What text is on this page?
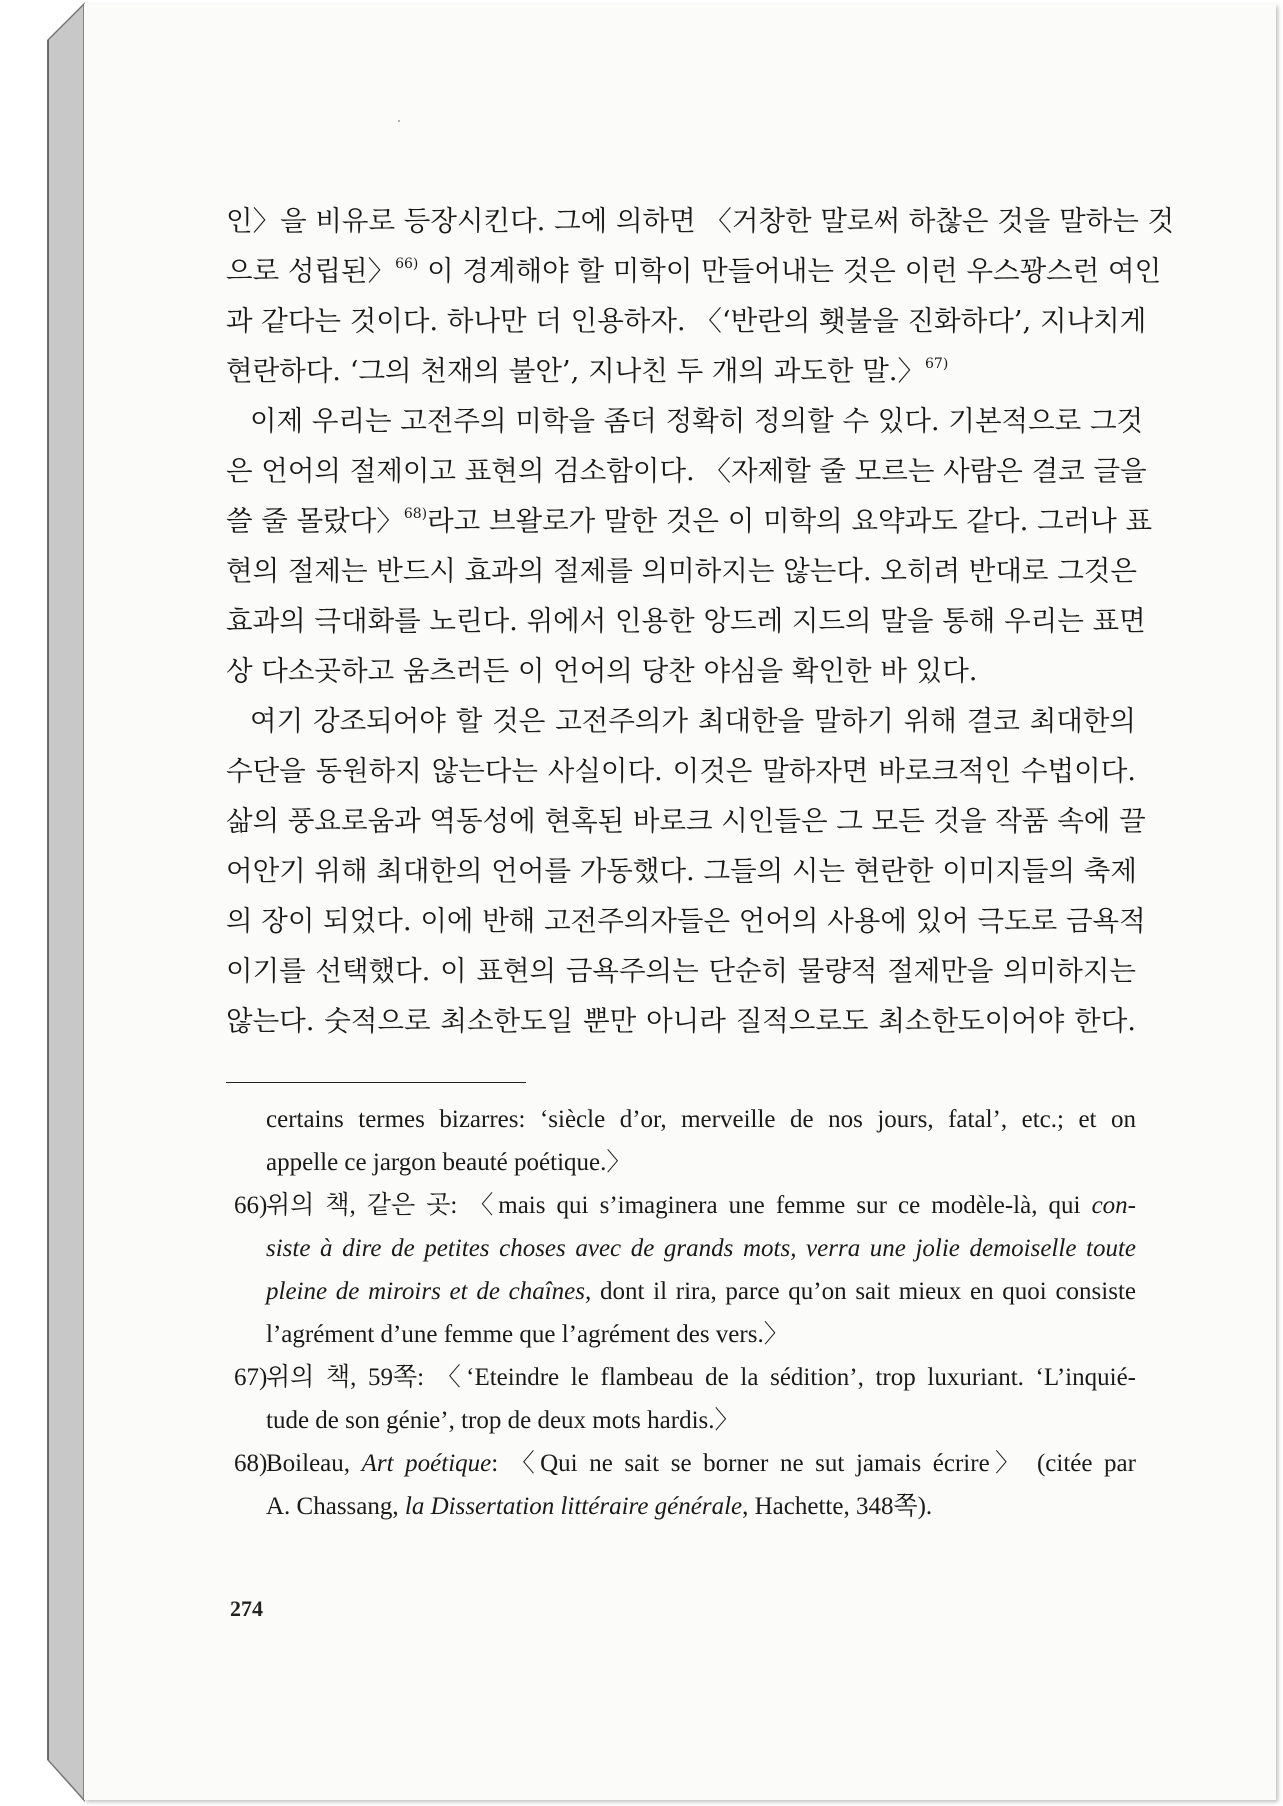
인〉을 비유로 등장시킨다. 그에 의하면 〈거창한 말로써 하찮은 것을 말하는 것
으로 성립된〉$^{66)}$ 이 경계해야 할 미학이 만들어내는 것은 이런 우스꽝스런 여인
과 같다는 것이다. 하나만 더 인용하자. 〈‘반란의 횃불을 진화하다’, 지나치게
현란하다. ‘그의 천재의 불안’, 지나친 두 개의 과도한 말.〉$^{67)}$
이제 우리는 고전주의 미학을 좀더 정확히 정의할 수 있다. 기본적으로 그것
은 언어의 절제이고 표현의 검소함이다. 〈자제할 줄 모르는 사람은 결코 글을
쓸 줄 몰랐다〉$^{68)}$라고 브왈로가 말한 것은 이 미학의 요약과도 같다. 그러나 표
현의 절제는 반드시 효과의 절제를 의미하지는 않는다. 오히려 반대로 그것은
효과의 극대화를 노린다. 위에서 인용한 앙드레 지드의 말을 통해 우리는 표면
상 다소곳하고 움츠러든 이 언어의 당찬 야심을 확인한 바 있다.
여기 강조되어야 할 것은 고전주의가 최대한을 말하기 위해 결코 최대한의
수단을 동원하지 않는다는 사실이다. 이것은 말하자면 바로크적인 수법이다.
삶의 풍요로움과 역동성에 현혹된 바로크 시인들은 그 모든 것을 작품 속에 끌
어안기 위해 최대한의 언어를 가동했다. 그들의 시는 현란한 이미지들의 축제
의 장이 되었다. 이에 반해 고전주의자들은 언어의 사용에 있어 극도로 금욕적
이기를 선택했다. 이 표현의 금욕주의는 단순히 물량적 절제만을 의미하지는
않는다. 숫적으로 최소한도일 뿐만 아니라 질적으로도 최소한도이어야 한다.
certains termes bizarres: ‘siècle d’or, merveille de nos jours, fatal’, etc.; et on
appelle ce jargon beauté poétique.〉
66)
위의 책, 같은 곳: 〈mais qui s’imaginera une femme sur ce modèle-là, qui con-
siste à dire de petites choses avec de grands mots, verra une jolie demoiselle toute
pleine de miroirs et de chaînes, dont il rira, parce qu’on sait mieux en quoi consiste
l’agrément d’une femme que l’agrément des vers.〉
67)
위의 책, 59쪽: 〈‘Eteindre le flambeau de la sédition’, trop luxuriant. ‘L’inquié-
tude de son génie’, trop de deux mots hardis.〉
68)
Boileau, Art poétique: 〈Qui ne sait se borner ne sut jamais écrire〉 (citée par
A. Chassang, la Dissertation littéraire générale, Hachette, 348쪽).
274
